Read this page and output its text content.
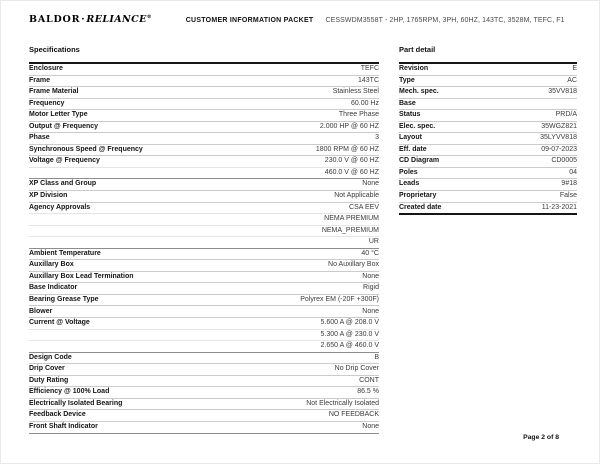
BALDOR·RELIANCE®
CUSTOMER INFORMATION PACKET CESSWDM3558T - 2HP, 1765RPM, 3PH, 60HZ, 143TC, 3528M, TEFC, F1
Specifications
Enclosure	TEFC
Frame	143TC
Frame Material	Stainless Steel
Frequency	60.00 Hz
Motor Letter Type	Three Phase
Output @ Frequency	2.000 HP @ 60 HZ
Phase	3
Synchronous Speed @ Frequency	1800 RPM @ 60 HZ
Voltage @ Frequency	230.0 V @ 60 HZ
460.0 V @ 60 HZ
XP Class and Group	None
XP Division	Not Applicable
Agency Approvals	CSA EEV
NEMA PREMIUM
NEMA_PREMIUM
UR
Ambient Temperature	40 °C
Auxillary Box	No Auxillary Box
Auxillary Box Lead Termination	None
Base Indicator	Rigid
Bearing Grease Type	Polyrex EM (-20F +300F)
Blower	None
Current @ Voltage	5.600 A @ 208.0 V
5.300 A @ 230.0 V
2.650 A @ 460.0 V
Design Code	B
Drip Cover	No Drip Cover
Duty Rating	CONT
Efficiency @ 100% Load	86.5 %
Electrically Isolated Bearing	Not Electrically Isolated
Feedback Device	NO FEEDBACK
Front Shaft Indicator	None
Part detail
Revision	E
Type	AC
Mech. spec.	35VV818
Base
Status	PRD/A
Elec. spec.	35WGZ821
Layout	35LYVV818
Eff. date	09-07-2023
CD Diagram	CD0005
Poles	04
Leads	9#18
Proprietary	False
Created date	11-23-2021
Page 2 of 8
